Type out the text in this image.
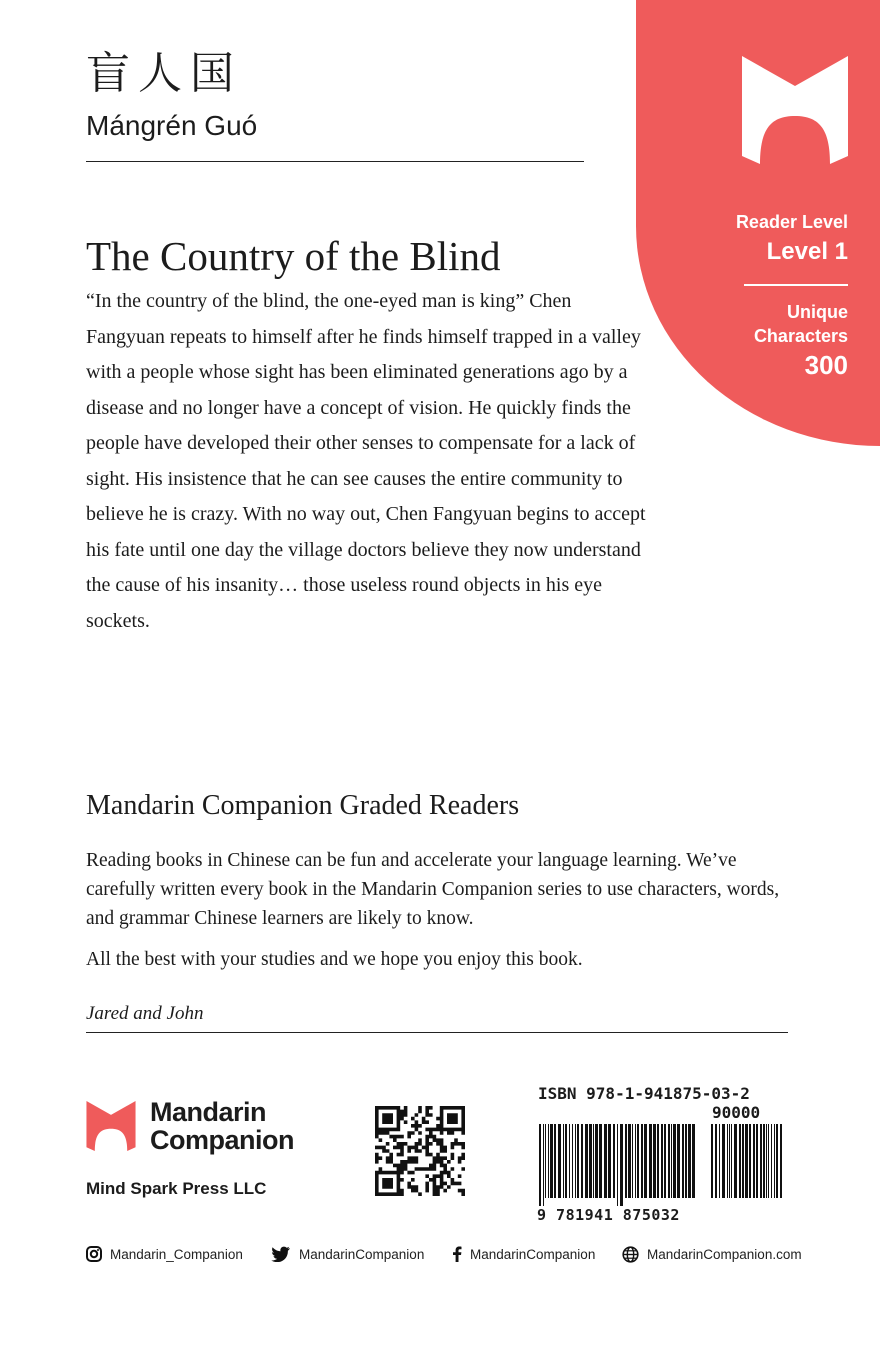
盲人国
Mángrén Guó
Reader Level
Level 1
Unique
Characters
300
The Country of the Blind
“In the country of the blind, the one-eyed man is king” Chen Fangyuan repeats to himself after he finds himself trapped in a valley with a people whose sight has been eliminated generations ago by a disease and no longer have a concept of vision. He quickly finds the people have developed their other senses to compensate for a lack of sight. His insistence that he can see causes the entire community to believe he is crazy. With no way out, Chen Fangyuan begins to accept his fate until one day the village doctors believe they now understand the cause of his insanity… those useless round objects in his eye sockets.
Mandarin Companion Graded Readers

Reading books in Chinese can be fun and accelerate your language learning. We’ve carefully written every book in the Mandarin Companion series to use characters, words, and grammar Chinese learners are likely to know.

All the best with your studies and we hope you enjoy this book.

Jared and John
Mandarin
Companion
Mind Spark Press LLC
ISBN 978-1-941875-03-2
90000
9 781941 875032
Mandarin_Companion	MandarinCompanion	MandarinCompanion	MandarinCompanion.com
